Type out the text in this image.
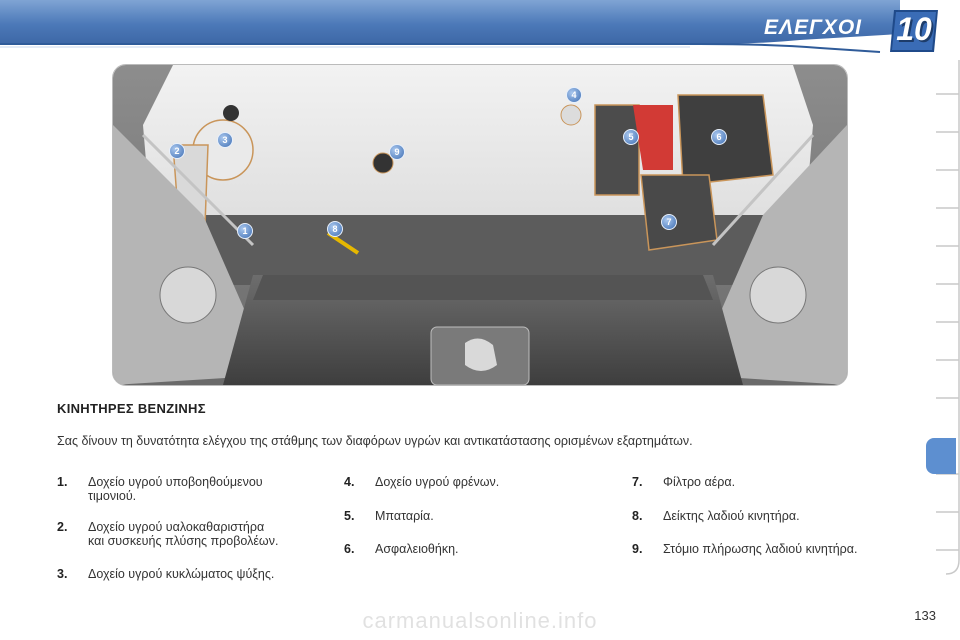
ΕΛΕΓΧΟΙ 10
1
2
3
4
5	6
7
8
9
ΚΙΝΗΤΗΡΕΣ ΒΕΝΖΙΝΗΣ
Σας δίνουν τη δυνατότητα ελέγχου της στάθμης των διαφόρων υγρών και αντικατάστασης ορισμένων εξαρτημάτων.
1. Δοχείο υγρού υποβοηθούμενου
τιμονιού.
2. Δοχείο υγρού υαλοκαθαριστήρα
και συσκευής πλύσης προβολέων.
3. Δοχείο υγρού κυκλώματος ψύξης.
4. Δοχείο υγρού φρένων.
5. Μπαταρία.
6. Ασφαλειοθήκη.
7. Φίλτρο αέρα.
8. Δείκτης λαδιού κινητήρα.
9. Στόμιο πλήρωσης λαδιού κινητήρα.
carmanualsonline.info	133
